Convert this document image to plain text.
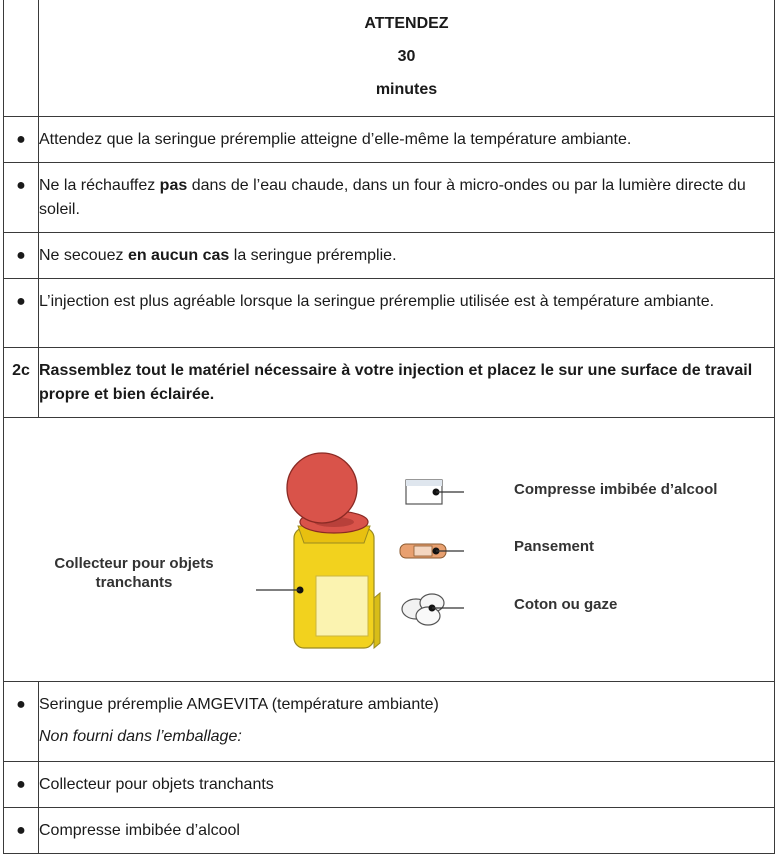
	ATTENDEZ
30
minutes

●	Attendez que la seringue préremplie atteigne d’elle-même la température ambiante.

●	Ne la réchauffez pas dans de l’eau chaude, dans un four à micro-ondes ou par la lumière directe du soleil.

●	Ne secouez en aucun cas la seringue préremplie.

●	L’injection est plus agréable lorsque la seringue préremplie utilisée est à température ambiante.

2c	Rassemblez tout le matériel nécessaire à votre injection et placez le sur une surface de travail propre et bien éclairée.

Collecteur pour objets
tranchants
Compresse imbibée d’alcool
Pansement
Coton ou gaze	

●	Seringue préremplie AMGEVITA (température ambiante)
Non fourni dans l’emballage:

●	Collecteur pour objets tranchants

●	Compresse imbibée d’alcool
